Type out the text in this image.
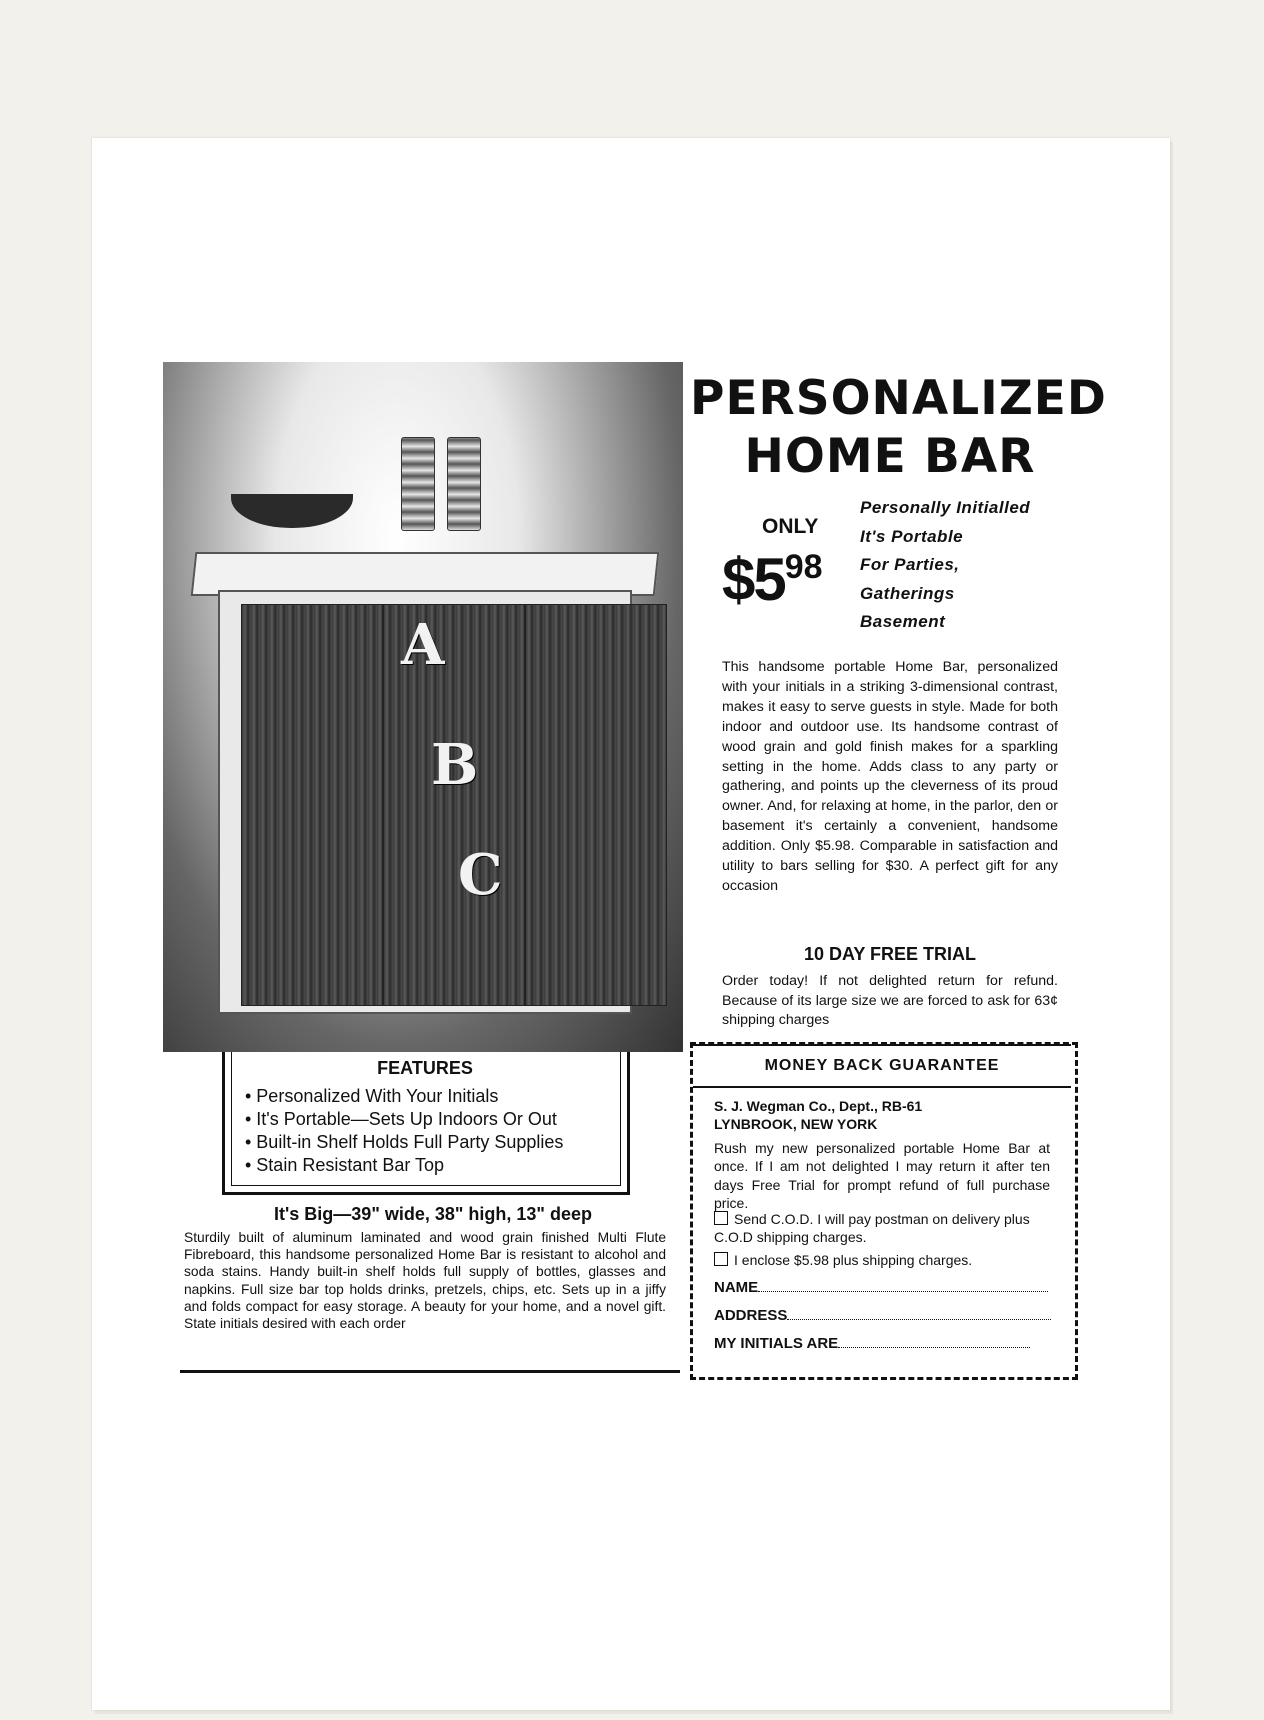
A
B
C
PERSONALIZED
HOME BAR
ONLY
$\$5^{98}$
Personally Initialled
It's Portable
For Parties,
Gatherings
Basement
This handsome portable Home Bar, personalized with your initials in a striking 3-dimensional contrast, makes it easy to serve guests in style. Made for both indoor and outdoor use. Its handsome contrast of wood grain and gold finish makes for a sparkling setting in the home. Adds class to any party or gathering, and points up the cleverness of its proud owner. And, for relaxing at home, in the parlor, den or basement it's certainly a convenient, handsome addition. Only $5.98. Comparable in satisfaction and utility to bars selling for $30. A perfect gift for any occasion
10 DAY FREE TRIAL
Order today! If not delighted return for refund. Because of its large size we are forced to ask for 63¢ shipping charges
FEATURES
• Personalized With Your Initials
• It's Portable—Sets Up Indoors Or Out
• Built-in Shelf Holds Full Party Supplies
• Stain Resistant Bar Top
It's Big—39" wide, 38" high, 13" deep
Sturdily built of aluminum laminated and wood grain finished Multi Flute Fibreboard, this handsome personalized Home Bar is resistant to alcohol and soda stains. Handy built-in shelf holds full supply of bottles, glasses and napkins. Full size bar top holds drinks, pretzels, chips, etc. Sets up in a jiffy and folds compact for easy storage. A beauty for your home, and a novel gift. State initials desired with each order
MONEY BACK GUARANTEE
S. J. Wegman Co., Dept., RB-61
LYNBROOK, NEW YORK
Rush my new personalized portable Home Bar at once. If I am not delighted I may return it after ten days Free Trial for prompt refund of full purchase price.
Send C.O.D. I will pay postman on delivery plus C.O.D shipping charges.
I enclose $5.98 plus shipping charges.
NAME
ADDRESS
MY INITIALS ARE
